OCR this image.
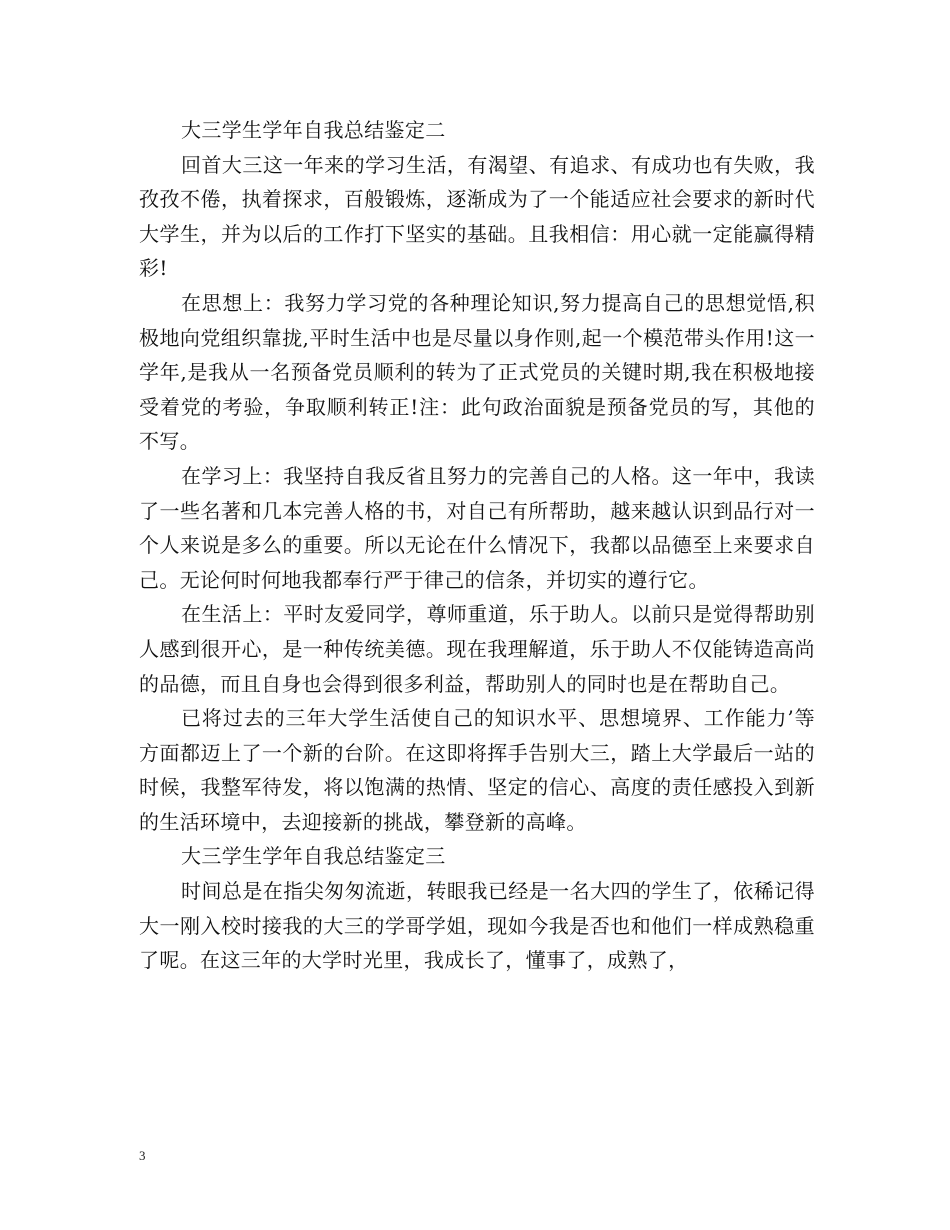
大三学生学年自我总结鉴定二

回首大三这一年来的学习生活，有渴望、有追求、有成功也有失败，我孜孜不倦，执着探求，百般锻炼，逐渐成为了一个能适应社会要求的新时代大学生，并为以后的工作打下坚实的基础。且我相信：用心就一定能赢得精彩!

在思想上：我努力学习党的各种理论知识,努力提高自己的思想觉悟,积极地向党组织靠拢,平时生活中也是尽量以身作则,起一个模范带头作用!这一学年,是我从一名预备党员顺利的转为了正式党员的关键时期,我在积极地接受着党的考验，争取顺利转正!注：此句政治面貌是预备党员的写，其他的不写。

在学习上：我坚持自我反省且努力的完善自己的人格。这一年中，我读了一些名著和几本完善人格的书，对自己有所帮助，越来越认识到品行对一个人来说是多么的重要。所以无论在什么情况下，我都以品德至上来要求自己。无论何时何地我都奉行严于律己的信条，并切实的遵行它。

在生活上：平时友爱同学，尊师重道，乐于助人。以前只是觉得帮助别人感到很开心，是一种传统美德。现在我理解道，乐于助人不仅能铸造高尚的品德，而且自身也会得到很多利益，帮助别人的同时也是在帮助自己。

已将过去的三年大学生活使自己的知识水平、思想境界、工作能力’等方面都迈上了一个新的台阶。在这即将挥手告别大三，踏上大学最后一站的时候，我整军待发，将以饱满的热情、坚定的信心、高度的责任感投入到新的生活环境中，去迎接新的挑战，攀登新的高峰。

大三学生学年自我总结鉴定三

时间总是在指尖匆匆流逝，转眼我已经是一名大四的学生了，依稀记得大一刚入校时接我的大三的学哥学姐，现如今我是否也和他们一样成熟稳重了呢。在这三年的大学时光里，我成长了，懂事了，成熟了，

3
